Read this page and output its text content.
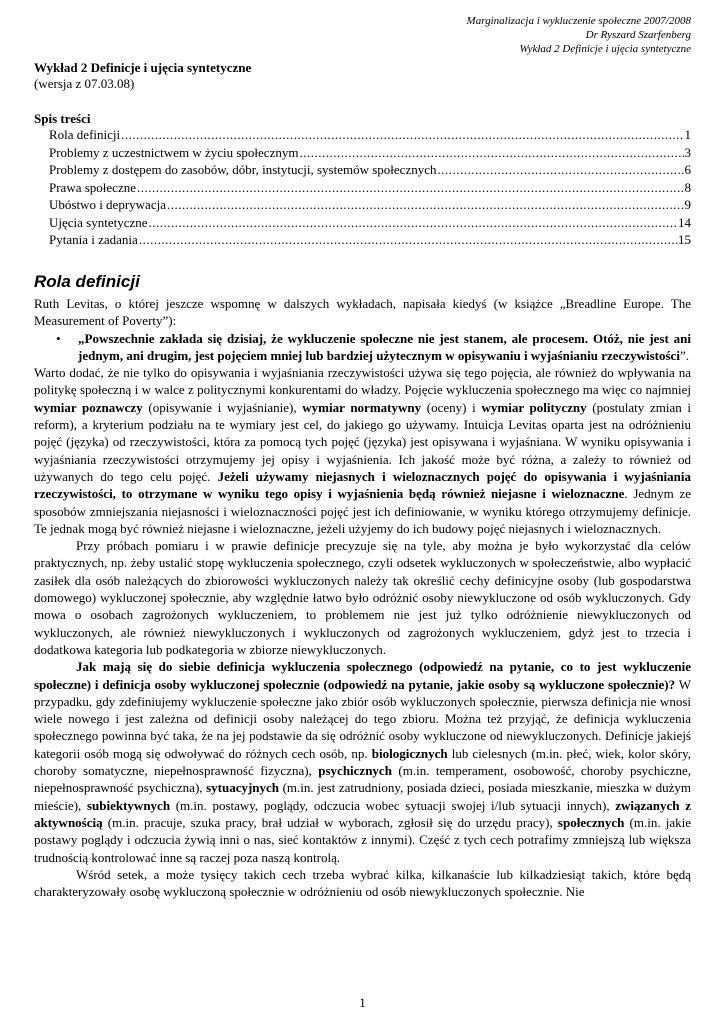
Marginalizacja i wykluczenie społeczne 2007/2008
Dr Ryszard Szarfenberg
Wykład 2 Definicje i ujęcia syntetyczne
Wykład 2 Definicje i ujęcia syntetyczne
(wersja z 07.03.08)
Spis treści
Rola definicji .....	1
Problemy z uczestnictwem w życiu społecznym .....	3
Problemy z dostępem do zasobów, dóbr, instytucji, systemów społecznych .....	6
Prawa społeczne .....	8
Ubóstwo i deprywacja .....	9
Ujęcia syntetyczne .....	14
Pytania i zadania .....	15
Rola definicji

Ruth Levitas, o której jeszcze wspomnę w dalszych wykładach, napisała kiedyś (w książce „Breadline Europe. The Measurement of Poverty”):

•	„Powszechnie zakłada się dzisiaj, że wykluczenie społeczne nie jest stanem, ale procesem. Otóż, nie jest ani jednym, ani drugim, jest pojęciem mniej lub bardziej użytecznym w opisywaniu i wyjaśnianiu rzeczywistości”.

Warto dodać, że nie tylko do opisywania i wyjaśniania rzeczywistości używa się tego pojęcia, ale również do wpływania na politykę społeczną i w walce z politycznymi konkurentami do władzy. Pojęcie wykluczenia społecznego ma więc co najmniej wymiar poznawczy (opisywanie i wyjaśnianie), wymiar normatywny (oceny) i wymiar polityczny (postulaty zmian i reform), a kryterium podziału na te wymiary jest cel, do jakiego go używamy. Intuicja Levitas oparta jest na odróżnieniu pojęć (języka) od rzeczywistości, która za pomocą tych pojęć (języka) jest opisywana i wyjaśniana. W wyniku opisywania i wyjaśniania rzeczywistości otrzymujemy jej opisy i wyjaśnienia. Ich jakość może być różna, a zależy to również od używanych do tego celu pojęć. Jeżeli używamy niejasnych i wieloznacznych pojęć do opisywania i wyjaśniania rzeczywistości, to otrzymane w wyniku tego opisy i wyjaśnienia będą również niejasne i wieloznaczne. Jednym ze sposobów zmniejszania niejasności i wieloznaczności pojęć jest ich definiowanie, w wyniku którego otrzymujemy definicje. Te jednak mogą być również niejasne i wieloznaczne, jeżeli użyjemy do ich budowy pojęć niejasnych i wieloznacznych.

Przy próbach pomiaru i w prawie definicje precyzuje się na tyle, aby można je było wykorzystać dla celów praktycznych, np. żeby ustalić stopę wykluczenia społecznego, czyli odsetek wykluczonych w społeczeństwie, albo wypłacić zasiłek dla osób należących do zbiorowości wykluczonych należy tak określić cechy definicyjne osoby (lub gospodarstwa domowego) wykluczonej społecznie, aby względnie łatwo było odróżnić osoby niewykluczone od osób wykluczonych. Gdy mowa o osobach zagrożonych wykluczeniem, to problemem nie jest już tylko odróżnienie niewykluczonych od wykluczonych, ale również niewykluczonych i wykluczonych od zagrożonych wykluczeniem, gdyż jest to trzecia i dodatkowa kategoria lub podkategoria w zbiorze niewykluczonych.

Jak mają się do siebie definicja wykluczenia społecznego (odpowiedź na pytanie, co to jest wykluczenie społeczne) i definicja osoby wykluczonej społecznie (odpowiedź na pytanie, jakie osoby są wykluczone społecznie)? W przypadku, gdy zdefiniujemy wykluczenie społeczne jako zbiór osób wykluczonych społecznie, pierwsza definicja nie wnosi wiele nowego i jest zależna od definicji osoby należącej do tego zbioru. Można też przyjąć, że definicja wykluczenia społecznego powinna być taka, że na jej podstawie da się odróżnić osoby wykluczone od niewykluczonych. Definicje jakiejś kategorii osób mogą się odwoływać do różnych cech osób, np. biologicznych lub cielesnych (m.in. płeć, wiek, kolor skóry, choroby somatyczne, niepełnosprawność fizyczna), psychicznych (m.in. temperament, osobowość, choroby psychiczne, niepełnosprawność psychiczna), sytuacyjnych (m.in. jest zatrudniony, posiada dzieci, posiada mieszkanie, mieszka w dużym mieście), subiektywnych (m.in. postawy, poglądy, odczucia wobec sytuacji swojej i/lub sytuacji innych), związanych z aktywnością (m.in. pracuje, szuka pracy, brał udział w wyborach, zgłosił się do urzędu pracy), społecznych (m.in. jakie postawy poglądy i odczucia żywią inni o nas, sieć kontaktów z innymi). Część z tych cech potrafimy zmniejszą lub większa trudnością kontrolować inne są raczej poza naszą kontrolą.

Wśród setek, a może tysięcy takich cech trzeba wybrać kilka, kilkanaście lub kilkadziesiąt takich, które będą charakteryzowały osobę wykluczoną społecznie w odróżnieniu od osób niewykluczonych społecznie. Nie

1
